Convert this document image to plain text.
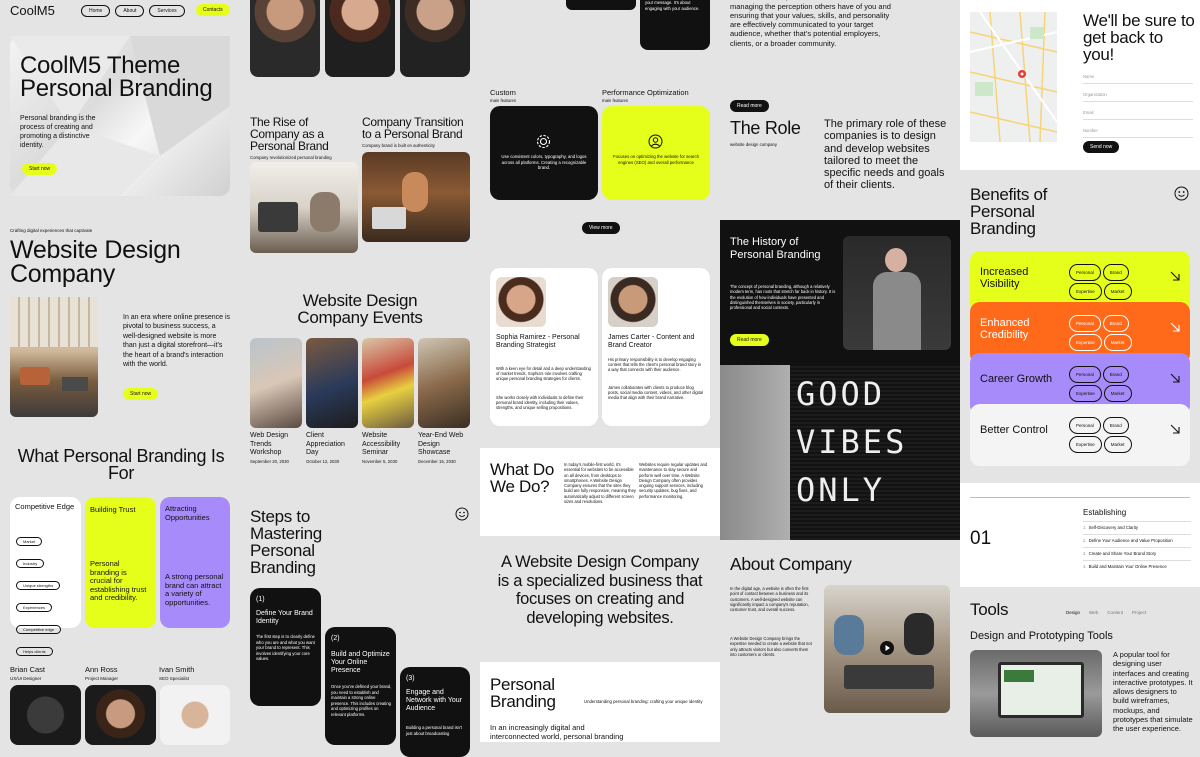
CoolM5	Home	About	Services	Contacts
CoolM5 Theme Personal Branding
Personal branding is the process of creating and promoting a distinctive identity.
Start now
Crafting digital experiences that captivate
Website Design Company
In an era where online presence is pivotal to business success, a well-designed website is more than just a digital storefront—it's the heart of a brand's interaction with the world.
Start now
What Personal Branding Is For
Competitive Edge
Market
Industry
Unique strengths
Experiences
Competitive edge
Helps clients
Building Trust
Personal branding is crucial for establishing trust and credibility.
Attracting Opportunities
A strong personal brand can attract a variety of opportunities.
Brian Cast
UX/UI Designer
Ann Ross
Project Manager
Ivan Smith
SEO Specialist
The Rise of Company as a Personal Brand
Company revolutionized personal branding
Company Transition to a Personal Brand
Company brand is built on authenticity
Website Design Company Events
Web Design Trends Workshop
September 20, 2030
Client Appreciation Day
October 12, 2030
Website Accessibility Seminar
November 5, 2030
Year-End Web Design Showcase
December 15, 2030
Steps to Mastering Personal Branding
(1)
Define Your Brand Identity
The first step is to clearly define who you are and what you want your brand to represent. This involves identifying your core values.
(2)
Build and Optimize Your Online Presence
Once you've defined your brand, you need to establish and maintain a strong online presence. This includes creating and optimizing profiles on relevant platforms.
(3)
Engage and Network with Your Audience
Building a personal brand isn't just about broadcasting
your message. It's about engaging with your audience.
Custom
main features
Performance Optimization
main features
Use consistent colors, typography, and logos across all platforms. Creating a recognizable brand.
Focuses on optimizing the website for search engines (SEO) and overall performance
View more
Sophia Ramirez - Personal Branding Strategist
With a keen eye for detail and a deep understanding of market trends, Sophia's role involves crafting unique personal branding strategies for clients.
She works closely with individuals to define their personal brand identity, including their values, strengths, and unique selling propositions.
James Carter - Content and Brand Creator
His primary responsibility is to develop engaging content that tells the client's personal brand story in a way that connects with their audience.
James collaborates with clients to produce blog posts, social media content, videos, and other digital media that align with their brand narrative.
What Do We Do?
In today's mobile-first world, it's essential for websites to be accessible on all devices, from desktops to smartphones. A Website Design Company ensures that the sites they build are fully responsive, meaning they automatically adjust to different screen sizes and resolutions.
Websites require regular updates and maintenance to stay secure and perform well over time. A Website Design Company often provides ongoing support services, including security updates, bug fixes, and performance monitoring.
A Website Design Company is a specialized business that focuses on creating and developing websites.
Personal Branding	Understanding personal branding: crafting your unique identity
In an increasingly digital and interconnected world, personal branding
managing the perception others have of you and ensuring that your values, skills, and personality are effectively communicated to your target audience, whether that's potential employers, clients, or a broader community.
Read more
The Role
website design company
The primary role of these companies is to design and develop websites tailored to meet the specific needs and goals of their clients.
The History of Personal Branding
The concept of personal branding, although a relatively modern term, has roots that stretch far back in history. It is the evolution of how individuals have presented and distinguished themselves in society, particularly in professional and social contexts.
Read more
GOOD
VIBES
ONLY
About Company
In the digital age, a website is often the first point of contact between a business and its customers. A well-designed website can significantly impact a company's reputation, customer trust, and overall success.
A Website Design Company brings the expertise needed to create a website that not only attracts visitors but also converts them into customers or clients.
We'll be sure to get back to you!
Name
Organization
Email
Number
Send now
Benefits of Personal Branding
Increased Visibility
Personal	BrandExpertise	Market
Enhanced Credibility
Personal	BrandExpertise	Market
Career Growth	Personal	BrandExpertise	Market
Better Control	Personal	BrandExpertise	Market
01
Establishing
1. Self-Discovery and Clarity
2. Define Your Audience and Value Proposition
3. Create and Share Your Brand Story
4. Build and Maintain Your Online Presence
Tools	Design Web Content Project
Design and Prototyping Tools
A popular tool for designing user interfaces and creating interactive prototypes. It allows designers to build wireframes, mockups, and prototypes that simulate the user experience.
